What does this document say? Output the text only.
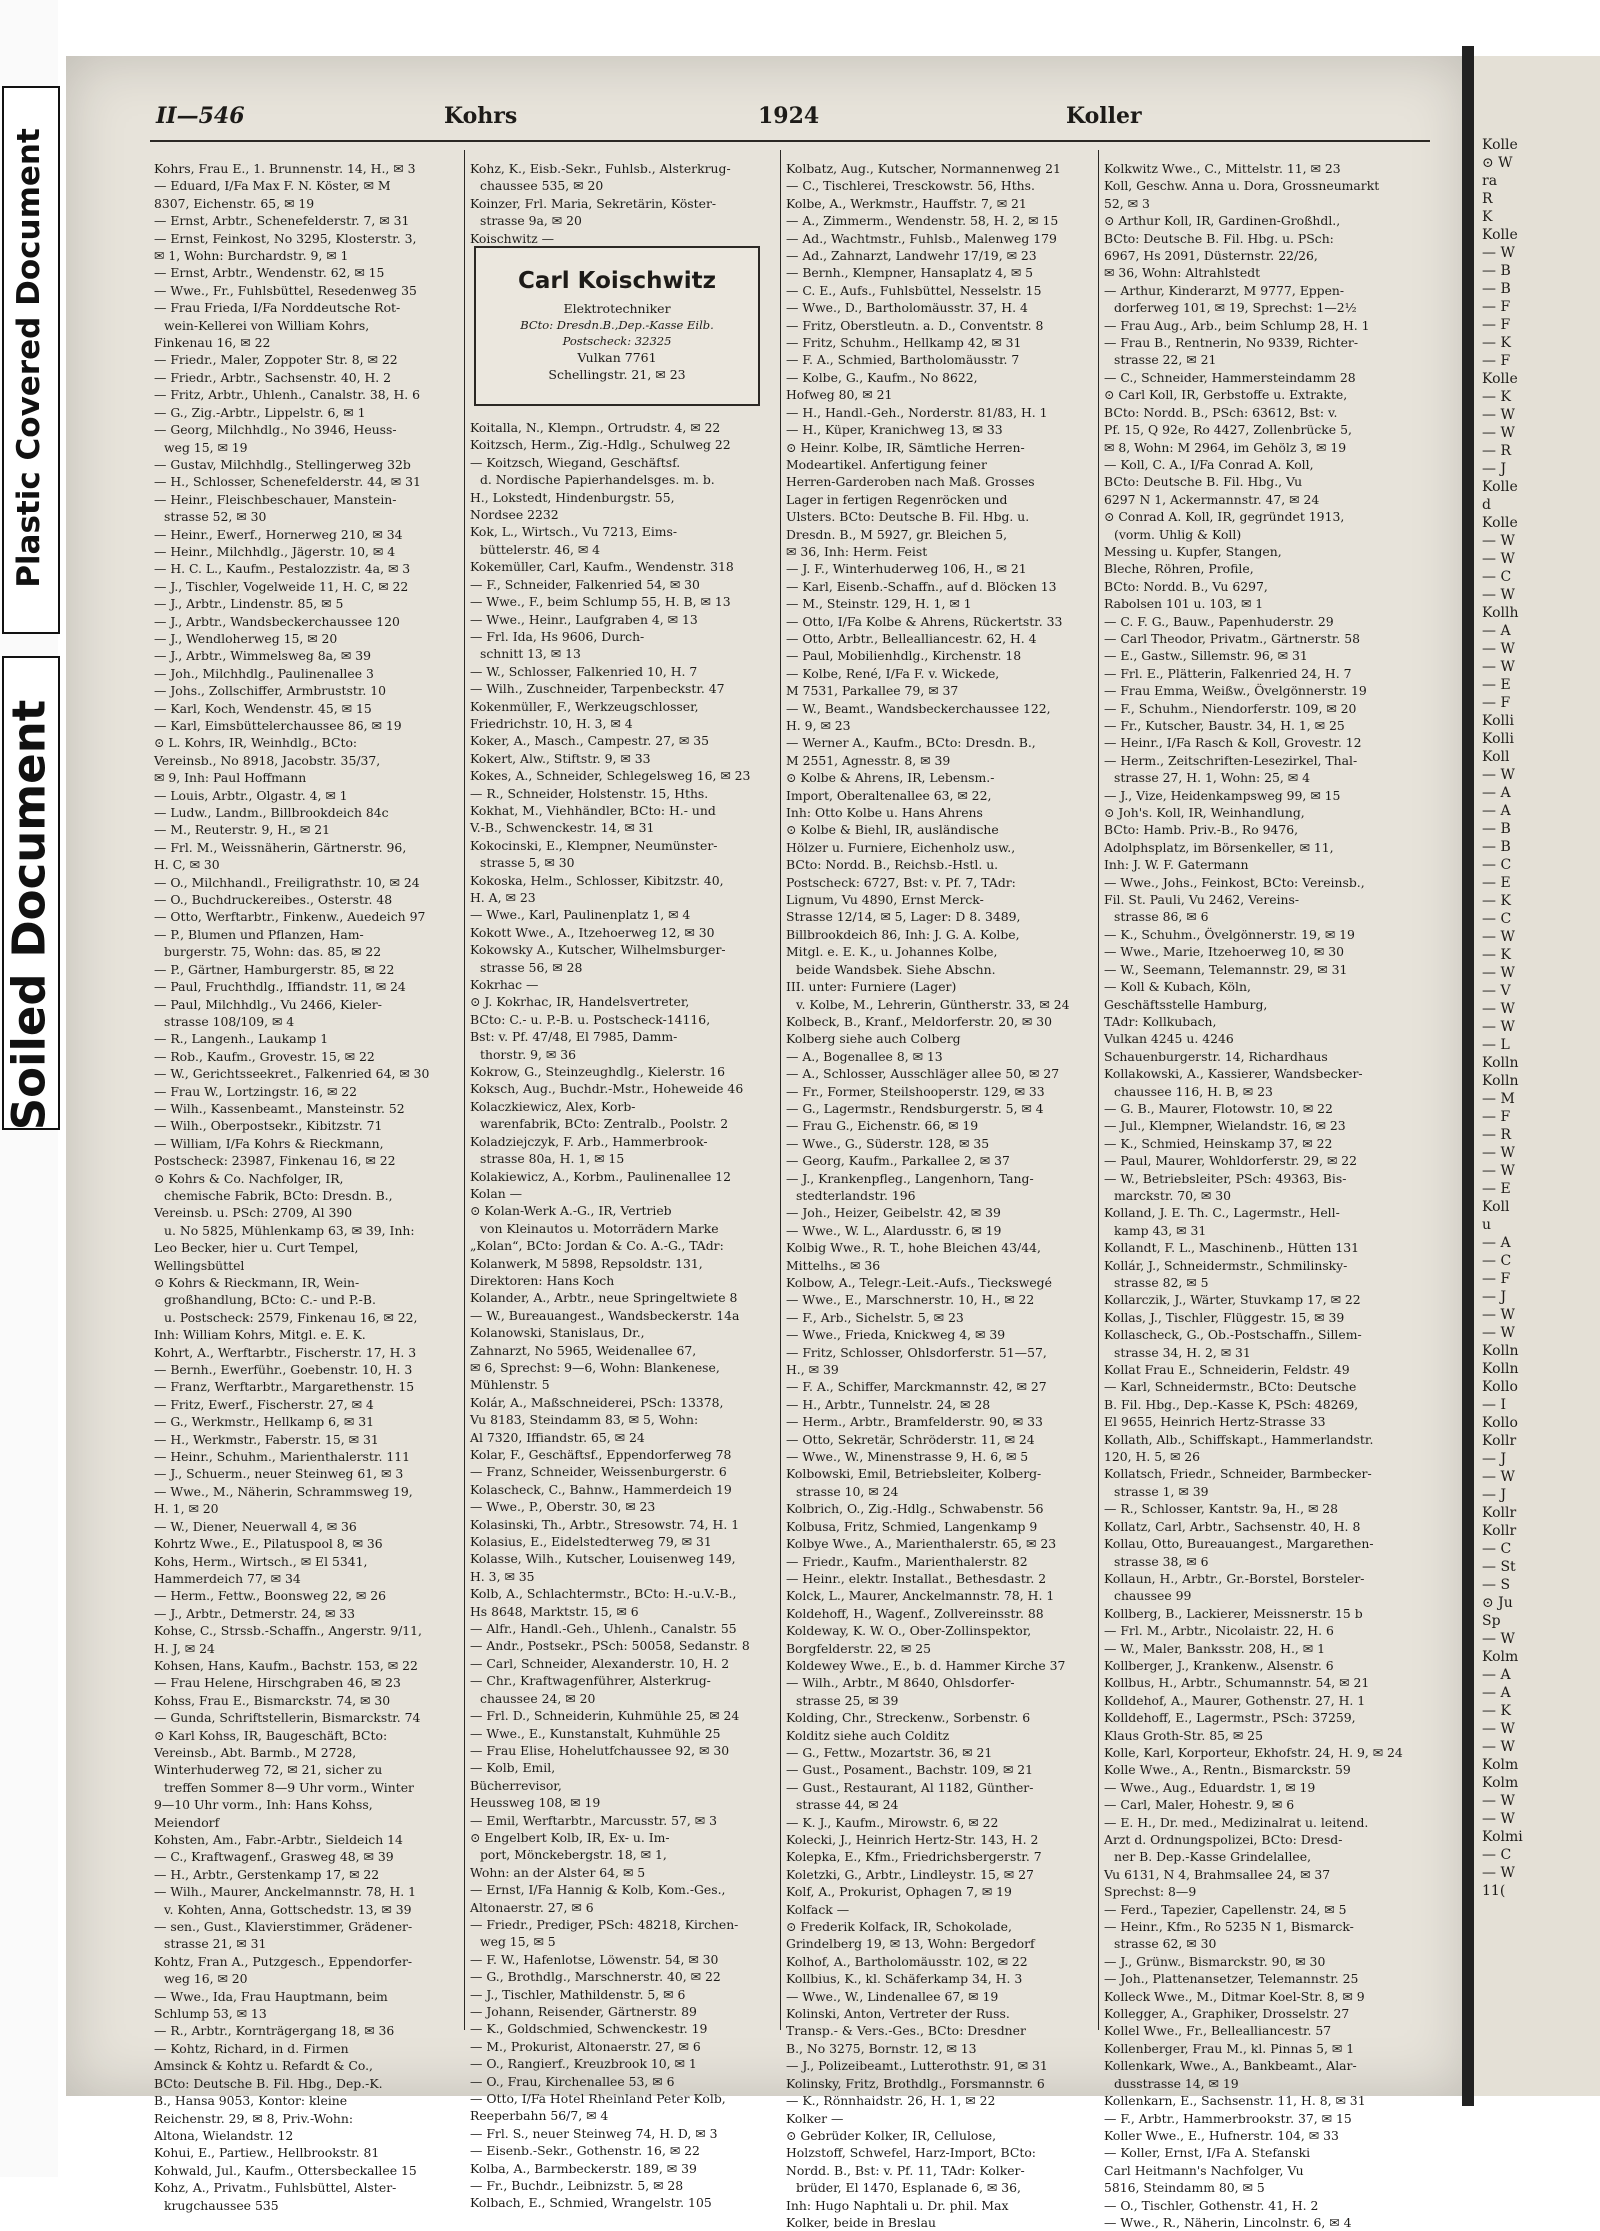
Plastic Covered Document
Soiled Document
Kolle
⊙ W
ra
R
K
Kolle
— W
— B
— B
— F
— F
— K
— F
Kolle
— K
— W
— W
— R
— J
Kolle
d
Kolle
— W
— W
— C
— W
Kollh
— A
— W
— W
— E
— F
Kolli
Kolli
Koll
— W
— A
— A
— B
— B
— C
— E
— K
— C
— W
— K
— W
— V
— W
— W
— L
Kolln
Kolln
— M
— F
— R
— W
— W
— E
Koll
u
— A
— C
— F
— J
— W
— W
Kolln
Kolln
Kollo
— I
Kollo
Kollr
— J
— W
— J
Kollr
Kollr
— C
— St
— S
⊙ Ju
Sp
— W
Kolm
— A
— A
— K
— W
— W
Kolm
Kolm
— W
— W
Kolmi
— C
— W
11(
II—546	Kohrs	1924	Koller
Kohrs, Frau E., 1. Brunnenstr. 14, H., ✉ 3
— Eduard, I/Fa Max F. N. Köster, ✉ M
8307, Eichenstr. 65, ✉ 19
— Ernst, Arbtr., Schenefelderstr. 7, ✉ 31
— Ernst, Feinkost, No 3295, Klosterstr. 3,
✉ 1, Wohn: Burchardstr. 9, ✉ 1
— Ernst, Arbtr., Wendenstr. 62, ✉ 15
— Wwe., Fr., Fuhlsbüttel, Resedenweg 35
— Frau Frieda, I/Fa Norddeutsche Rot-
wein-Kellerei von William Kohrs,
Finkenau 16, ✉ 22
— Friedr., Maler, Zoppoter Str. 8, ✉ 22
— Friedr., Arbtr., Sachsenstr. 40, H. 2
— Fritz, Arbtr., Uhlenh., Canalstr. 38, H. 6
— G., Zig.-Arbtr., Lippelstr. 6, ✉ 1
— Georg, Milchhdlg., No 3946, Heuss-
weg 15, ✉ 19
— Gustav, Milchhdlg., Stellingerweg 32b
— H., Schlosser, Schenefelderstr. 44, ✉ 31
— Heinr., Fleischbeschauer, Manstein-
strasse 52, ✉ 30
— Heinr., Ewerf., Hornerweg 210, ✉ 34
— Heinr., Milchhdlg., Jägerstr. 10, ✉ 4
— H. C. L., Kaufm., Pestalozzistr. 4a, ✉ 3
— J., Tischler, Vogelweide 11, H. C, ✉ 22
— J., Arbtr., Lindenstr. 85, ✉ 5
— J., Arbtr., Wandsbeckerchaussee 120
— J., Wendloherweg 15, ✉ 20
— J., Arbtr., Wimmelsweg 8a, ✉ 39
— Joh., Milchhdlg., Paulinenallee 3
— Johs., Zollschiffer, Armbruststr. 10
— Karl, Koch, Wendenstr. 45, ✉ 15
— Karl, Eimsbüttelerchaussee 86, ✉ 19
⊙ L. Kohrs, IR, Weinhdlg., BCto:
Vereinsb., No 8918, Jacobstr. 35/37,
✉ 9, Inh: Paul Hoffmann
— Louis, Arbtr., Olgastr. 4, ✉ 1
— Ludw., Landm., Billbrookdeich 84c
— M., Reuterstr. 9, H., ✉ 21
— Frl. M., Weissnäherin, Gärtnerstr. 96,
H. C, ✉ 30
— O., Milchhandl., Freiligrathstr. 10, ✉ 24
— O., Buchdruckereibes., Osterstr. 48
— Otto, Werftarbtr., Finkenw., Auedeich 97
— P., Blumen und Pflanzen, Ham-
burgerstr. 75, Wohn: das. 85, ✉ 22
— P., Gärtner, Hamburgerstr. 85, ✉ 22
— Paul, Fruchthdlg., Iffiandstr. 11, ✉ 24
— Paul, Milchhdlg., Vu 2466, Kieler-
strasse 108/109, ✉ 4
— R., Langenh., Laukamp 1
— Rob., Kaufm., Grovestr. 15, ✉ 22
— W., Gerichtsseekret., Falkenried 64, ✉ 30
— Frau W., Lortzingstr. 16, ✉ 22
— Wilh., Kassenbeamt., Mansteinstr. 52
— Wilh., Oberpostsekr., Kibitzstr. 71
— William, I/Fa Kohrs & Rieckmann,
Postscheck: 23987, Finkenau 16, ✉ 22
⊙ Kohrs & Co. Nachfolger, IR,
chemische Fabrik, BCto: Dresdn. B.,
Vereinsb. u. PSch: 2709, Al 390
u. No 5825, Mühlenkamp 63, ✉ 39, Inh:
Leo Becker, hier u. Curt Tempel,
Wellingsbüttel
⊙ Kohrs & Rieckmann, IR, Wein-
großhandlung, BCto: C.- und P.-B.
u. Postscheck: 2579, Finkenau 16, ✉ 22,
Inh: William Kohrs, Mitgl. e. E. K.
Kohrt, A., Werftarbtr., Fischerstr. 17, H. 3
— Bernh., Ewerführ., Goebenstr. 10, H. 3
— Franz, Werftarbtr., Margarethenstr. 15
— Fritz, Ewerf., Fischerstr. 27, ✉ 4
— G., Werkmstr., Hellkamp 6, ✉ 31
— H., Werkmstr., Faberstr. 15, ✉ 31
— Heinr., Schuhm., Marienthalerstr. 111
— J., Schuerm., neuer Steinweg 61, ✉ 3
— Wwe., M., Näherin, Schrammsweg 19,
H. 1, ✉ 20
— W., Diener, Neuerwall 4, ✉ 36
Kohrtz Wwe., E., Pilatuspool 8, ✉ 36
Kohs, Herm., Wirtsch., ✉ El 5341,
Hammerdeich 77, ✉ 34
— Herm., Fettw., Boonsweg 22, ✉ 26
— J., Arbtr., Detmerstr. 24, ✉ 33
Kohse, C., Strssb.-Schaffn., Angerstr. 9/11,
H. J, ✉ 24
Kohsen, Hans, Kaufm., Bachstr. 153, ✉ 22
— Frau Helene, Hirschgraben 46, ✉ 23
Kohss, Frau E., Bismarckstr. 74, ✉ 30
— Gunda, Schriftstellerin, Bismarckstr. 74
⊙ Karl Kohss, IR, Baugeschäft, BCto:
Vereinsb., Abt. Barmb., M 2728,
Winterhuderweg 72, ✉ 21, sicher zu
treffen Sommer 8—9 Uhr vorm., Winter
9—10 Uhr vorm., Inh: Hans Kohss,
Meiendorf
Kohsten, Am., Fabr.-Arbtr., Sieldeich 14
— C., Kraftwagenf., Grasweg 48, ✉ 39
— H., Arbtr., Gerstenkamp 17, ✉ 22
— Wilh., Maurer, Anckelmannstr. 78, H. 1
v. Kohten, Anna, Gottschedstr. 13, ✉ 39
— sen., Gust., Klavierstimmer, Grädener-
strasse 21, ✉ 31
Kohtz, Fran A., Putzgesch., Eppendorfer-
weg 16, ✉ 20
— Wwe., Ida, Frau Hauptmann, beim
Schlump 53, ✉ 13
— R., Arbtr., Kornträgergang 18, ✉ 36
— Kohtz, Richard, in d. Firmen
Amsinck & Kohtz u. Refardt & Co.,
BCto: Deutsche B. Fil. Hbg., Dep.-K.
B., Hansa 9053, Kontor: kleine
Reichenstr. 29, ✉ 8, Priv.-Wohn:
Altona, Wielandstr. 12
Kohui, E., Partiew., Hellbrookstr. 81
Kohwald, Jul., Kaufm., Ottersbeckallee 15
Kohz, A., Privatm., Fuhlsbüttel, Alster-
krugchaussee 535
Kohz, K., Eisb.-Sekr., Fuhlsb., Alsterkrug-
chaussee 535, ✉ 20
Koinzer, Frl. Maria, Sekretärin, Köster-
strasse 9a, ✉ 20
Koischwitz —
Koitalla, N., Klempn., Ortrudstr. 4, ✉ 22
Koitzsch, Herm., Zig.-Hdlg., Schulweg 22
— Koitzsch, Wiegand, Geschäftsf.
d. Nordische Papierhandelsges. m. b.
H., Lokstedt, Hindenburgstr. 55,
Nordsee 2232
Kok, L., Wirtsch., Vu 7213, Eims-
büttelerstr. 46, ✉ 4
Kokemüller, Carl, Kaufm., Wendenstr. 318
— F., Schneider, Falkenried 54, ✉ 30
— Wwe., F., beim Schlump 55, H. B, ✉ 13
— Wwe., Heinr., Laufgraben 4, ✉ 13
— Frl. Ida, Hs 9606, Durch-
schnitt 13, ✉ 13
— W., Schlosser, Falkenried 10, H. 7
— Wilh., Zuschneider, Tarpenbeckstr. 47
Kokenmüller, F., Werkzeugschlosser,
Friedrichstr. 10, H. 3, ✉ 4
Koker, A., Masch., Campestr. 27, ✉ 35
Kokert, Alw., Stiftstr. 9, ✉ 33
Kokes, A., Schneider, Schlegelsweg 16, ✉ 23
— R., Schneider, Holstenstr. 15, Hths.
Kokhat, M., Viehhändler, BCto: H.- und
V.-B., Schwenckestr. 14, ✉ 31
Kokocinski, E., Klempner, Neumünster-
strasse 5, ✉ 30
Kokoska, Helm., Schlosser, Kibitzstr. 40,
H. A, ✉ 23
— Wwe., Karl, Paulinenplatz 1, ✉ 4
Kokott Wwe., A., Itzehoerweg 12, ✉ 30
Kokowsky A., Kutscher, Wilhelmsburger-
strasse 56, ✉ 28
Kokrhac —
⊙ J. Kokrhac, IR, Handelsvertreter,
BCto: C.- u. P.-B. u. Postscheck-14116,
Bst: v. Pf. 47/48, El 7985, Damm-
thorstr. 9, ✉ 36
Kokrow, G., Steinzeughdlg., Kielerstr. 16
Koksch, Aug., Buchdr.-Mstr., Hoheweide 46
Kolaczkiewicz, Alex, Korb-
warenfabrik, BCto: Zentralb., Poolstr. 2
Koladziejczyk, F. Arb., Hammerbrook-
strasse 80a, H. 1, ✉ 15
Kolakiewicz, A., Korbm., Paulinenallee 12
Kolan —
⊙ Kolan-Werk A.-G., IR, Vertrieb
von Kleinautos u. Motorrädern Marke
„Kolan“, BCto: Jordan & Co. A.-G., TAdr:
Kolanwerk, M 5898, Repsoldstr. 131,
Direktoren: Hans Koch
Kolander, A., Arbtr., neue Springeltwiete 8
— W., Bureauangest., Wandsbeckerstr. 14a
Kolanowski, Stanislaus, Dr.,
Zahnarzt, No 5965, Weidenallee 67,
✉ 6, Sprechst: 9—6, Wohn: Blankenese,
Mühlenstr. 5
Kolár, A., Maßschneiderei, PSch: 13378,
Vu 8183, Steindamm 83, ✉ 5, Wohn:
Al 7320, Iffiandstr. 65, ✉ 24
Kolar, F., Geschäftsf., Eppendorferweg 78
— Franz, Schneider, Weissenburgerstr. 6
Kolascheck, C., Bahnw., Hammerdeich 19
— Wwe., P., Oberstr. 30, ✉ 23
Kolasinski, Th., Arbtr., Stresowstr. 74, H. 1
Kolasius, E., Eidelstedterweg 79, ✉ 31
Kolasse, Wilh., Kutscher, Louisenweg 149,
H. 3, ✉ 35
Kolb, A., Schlachtermstr., BCto: H.-u.V.-B.,
Hs 8648, Marktstr. 15, ✉ 6
— Alfr., Handl.-Geh., Uhlenh., Canalstr. 55
— Andr., Postsekr., PSch: 50058, Sedanstr. 8
— Carl, Schneider, Alexanderstr. 10, H. 2
— Chr., Kraftwagenführer, Alsterkrug-
chaussee 24, ✉ 20
— Frl. D., Schneiderin, Kuhmühle 25, ✉ 24
— Wwe., E., Kunstanstalt, Kuhmühle 25
— Frau Elise, Hohelutfchaussee 92, ✉ 30
— Kolb, Emil,
Bücherrevisor,
Heussweg 108, ✉ 19
— Emil, Werftarbtr., Marcusstr. 57, ✉ 3
⊙ Engelbert Kolb, IR, Ex- u. Im-
port, Mönckebergstr. 18, ✉ 1,
Wohn: an der Alster 64, ✉ 5
— Ernst, I/Fa Hannig & Kolb, Kom.-Ges.,
Altonaerstr. 27, ✉ 6
— Friedr., Prediger, PSch: 48218, Kirchen-
weg 15, ✉ 5
— F. W., Hafenlotse, Löwenstr. 54, ✉ 30
— G., Brothdlg., Marschnerstr. 40, ✉ 22
— J., Tischler, Mathildenstr. 5, ✉ 6
— Johann, Reisender, Gärtnerstr. 89
— K., Goldschmied, Schwenckestr. 19
— M., Prokurist, Altonaerstr. 27, ✉ 6
— O., Rangierf., Kreuzbrook 10, ✉ 1
— O., Frau, Kirchenallee 53, ✉ 6
— Otto, I/Fa Hotel Rheinland Peter Kolb,
Reeperbahn 56/7, ✉ 4
— Frl. S., neuer Steinweg 74, H. D, ✉ 3
— Eisenb.-Sekr., Gothenstr. 16, ✉ 22
Kolba, A., Barmbeckerstr. 189, ✉ 39
— Fr., Buchdr., Leibnizstr. 5, ✉ 28
Kolbach, E., Schmied, Wrangelstr. 105
Kolbatz, Aug., Kutscher, Normannenweg 21
— C., Tischlerei, Tresckowstr. 56, Hths.
Kolbe, A., Werkmstr., Hauffstr. 7, ✉ 21
— A., Zimmerm., Wendenstr. 58, H. 2, ✉ 15
— Ad., Wachtmstr., Fuhlsb., Malenweg 179
— Ad., Zahnarzt, Landwehr 17/19, ✉ 23
— Bernh., Klempner, Hansaplatz 4, ✉ 5
— C. E., Aufs., Fuhlsbüttel, Nesselstr. 15
— Wwe., D., Bartholomäusstr. 37, H. 4
— Fritz, Oberstleutn. a. D., Conventstr. 8
— Fritz, Schuhm., Hellkamp 42, ✉ 31
— F. A., Schmied, Bartholomäusstr. 7
— Kolbe, G., Kaufm., No 8622,
Hofweg 80, ✉ 21
— H., Handl.-Geh., Norderstr. 81/83, H. 1
— H., Küper, Kranichweg 13, ✉ 33
⊙ Heinr. Kolbe, IR, Sämtliche Herren-
Modeartikel. Anfertigung feiner
Herren-Garderoben nach Maß. Grosses
Lager in fertigen Regenröcken und
Ulsters. BCto: Deutsche B. Fil. Hbg. u.
Dresdn. B., M 5927, gr. Bleichen 5,
✉ 36, Inh: Herm. Feist
— J. F., Winterhuderweg 106, H., ✉ 21
— Karl, Eisenb.-Schaffn., auf d. Blöcken 13
— M., Steinstr. 129, H. 1, ✉ 1
— Otto, I/Fa Kolbe & Ahrens, Rückertstr. 33
— Otto, Arbtr., Bellealliancestr. 62, H. 4
— Paul, Mobilienhdlg., Kirchenstr. 18
— Kolbe, René, I/Fa F. v. Wickede,
M 7531, Parkallee 79, ✉ 37
— W., Beamt., Wandsbeckerchaussee 122,
H. 9, ✉ 23
— Werner A., Kaufm., BCto: Dresdn. B.,
M 2551, Agnesstr. 8, ✉ 39
⊙ Kolbe & Ahrens, IR, Lebensm.-
Import, Oberaltenallee 63, ✉ 22,
Inh: Otto Kolbe u. Hans Ahrens
⊙ Kolbe & Biehl, IR, ausländische
Hölzer u. Furniere, Eichenholz usw.,
BCto: Nordd. B., Reichsb.-Hstl. u.
Postscheck: 6727, Bst: v. Pf. 7, TAdr:
Lignum, Vu 4890, Ernst Merck-
Strasse 12/14, ✉ 5, Lager: D 8. 3489,
Billbrookdeich 86, Inh: J. G. A. Kolbe,
Mitgl. e. E. K., u. Johannes Kolbe,
beide Wandsbek. Siehe Abschn.
III. unter: Furniere (Lager)
v. Kolbe, M., Lehrerin, Güntherstr. 33, ✉ 24
Kolbeck, B., Kranf., Meldorferstr. 20, ✉ 30
Kolberg siehe auch Colberg
— A., Bogenallee 8, ✉ 13
— A., Schlosser, Ausschläger allee 50, ✉ 27
— Fr., Former, Steilshooperstr. 129, ✉ 33
— G., Lagermstr., Rendsburgerstr. 5, ✉ 4
— Frau G., Eichenstr. 66, ✉ 19
— Wwe., G., Süderstr. 128, ✉ 35
— Georg, Kaufm., Parkallee 2, ✉ 37
— J., Krankenpfleg., Langenhorn, Tang-
stedterlandstr. 196
— Joh., Heizer, Geibelstr. 42, ✉ 39
— Wwe., W. L., Alardusstr. 6, ✉ 19
Kolbig Wwe., R. T., hohe Bleichen 43/44,
Mittelhs., ✉ 36
Kolbow, A., Telegr.-Leit.-Aufs., Tieckswegé
— Wwe., E., Marschnerstr. 10, H., ✉ 22
— F., Arb., Sichelstr. 5, ✉ 23
— Wwe., Frieda, Knickweg 4, ✉ 39
— Fritz, Schlosser, Ohlsdorferstr. 51—57,
H., ✉ 39
— F. A., Schiffer, Marckmannstr. 42, ✉ 27
— H., Arbtr., Tunnelstr. 24, ✉ 28
— Herm., Arbtr., Bramfelderstr. 90, ✉ 33
— Otto, Sekretär, Schröderstr. 11, ✉ 24
— Wwe., W., Minenstrasse 9, H. 6, ✉ 5
Kolbowski, Emil, Betriebsleiter, Kolberg-
strasse 10, ✉ 24
Kolbrich, O., Zig.-Hdlg., Schwabenstr. 56
Kolbusa, Fritz, Schmied, Langenkamp 9
Kolbye Wwe., A., Marienthalerstr. 65, ✉ 23
— Friedr., Kaufm., Marienthalerstr. 82
— Heinr., elektr. Installat., Bethesdastr. 2
Kolck, L., Maurer, Anckelmannstr. 78, H. 1
Koldehoff, H., Wagenf., Zollvereinsstr. 88
Koldeway, K. W. O., Ober-Zollinspektor,
Borgfelderstr. 22, ✉ 25
Koldewey Wwe., E., b. d. Hammer Kirche 37
— Wilh., Arbtr., M 8640, Ohlsdorfer-
strasse 25, ✉ 39
Kolding, Chr., Streckenw., Sorbenstr. 6
Kolditz siehe auch Colditz
— G., Fettw., Mozartstr. 36, ✉ 21
— Gust., Posament., Bachstr. 109, ✉ 21
— Gust., Restaurant, Al 1182, Günther-
strasse 44, ✉ 24
— K. J., Kaufm., Mirowstr. 6, ✉ 22
Kolecki, J., Heinrich Hertz-Str. 143, H. 2
Kolepka, E., Kfm., Friedrichsbergerstr. 7
Koletzki, G., Arbtr., Lindleystr. 15, ✉ 27
Kolf, A., Prokurist, Ophagen 7, ✉ 19
Kolfack —
⊙ Frederik Kolfack, IR, Schokolade,
Grindelberg 19, ✉ 13, Wohn: Bergedorf
Kolhof, A., Bartholomäusstr. 102, ✉ 22
Kollbius, K., kl. Schäferkamp 34, H. 3
— Wwe., W., Lindenallee 67, ✉ 19
Kolinski, Anton, Vertreter der Russ.
Transp.- & Vers.-Ges., BCto: Dresdner
B., No 3275, Bornstr. 12, ✉ 13
— J., Polizeibeamt., Lutterothstr. 91, ✉ 31
Kolinsky, Fritz, Brothdlg., Forsmannstr. 6
— K., Rönnhaidstr. 26, H. 1, ✉ 22
Kolker —
⊙ Gebrüder Kolker, IR, Cellulose,
Holzstoff, Schwefel, Harz-Import, BCto:
Nordd. B., Bst: v. Pf. 11, TAdr: Kolker-
brüder, El 1470, Esplanade 6, ✉ 36,
Inh: Hugo Naphtali u. Dr. phil. Max
Kolker, beide in Breslau
Kolkwitz Wwe., C., Mittelstr. 11, ✉ 23
Koll, Geschw. Anna u. Dora, Grossneumarkt
52, ✉ 3
⊙ Arthur Koll, IR, Gardinen-Großhdl.,
BCto: Deutsche B. Fil. Hbg. u. PSch:
6967, Hs 2091, Düsternstr. 22/26,
✉ 36, Wohn: Altrahlstedt
— Arthur, Kinderarzt, M 9777, Eppen-
dorferweg 101, ✉ 19, Sprechst: 1—2½
— Frau Aug., Arb., beim Schlump 28, H. 1
— Frau B., Rentnerin, No 9339, Richter-
strasse 22, ✉ 21
— C., Schneider, Hammersteindamm 28
⊙ Carl Koll, IR, Gerbstoffe u. Extrakte,
BCto: Nordd. B., PSch: 63612, Bst: v.
Pf. 15, Q 92e, Ro 4427, Zollenbrücke 5,
✉ 8, Wohn: M 2964, im Gehölz 3, ✉ 19
— Koll, C. A., I/Fa Conrad A. Koll,
BCto: Deutsche B. Fil. Hbg., Vu
6297 N 1, Ackermannstr. 47, ✉ 24
⊙ Conrad A. Koll, IR, gegründet 1913,
(vorm. Uhlig & Koll)
Messing u. Kupfer, Stangen,
Bleche, Röhren, Profile,
BCto: Nordd. B., Vu 6297,
Rabolsen 101 u. 103, ✉ 1
— C. F. G., Bauw., Papenhuderstr. 29
— Carl Theodor, Privatm., Gärtnerstr. 58
— E., Gastw., Sillemstr. 96, ✉ 31
— Frl. E., Plätterin, Falkenried 24, H. 7
— Frau Emma, Weißw., Övelgönnerstr. 19
— F., Schuhm., Niendorferstr. 109, ✉ 20
— Fr., Kutscher, Baustr. 34, H. 1, ✉ 25
— Heinr., I/Fa Rasch & Koll, Grovestr. 12
— Herm., Zeitschriften-Lesezirkel, Thal-
strasse 27, H. 1, Wohn: 25, ✉ 4
— J., Vize, Heidenkampsweg 99, ✉ 15
⊙ Joh's. Koll, IR, Weinhandlung,
BCto: Hamb. Priv.-B., Ro 9476,
Adolphsplatz, im Börsenkeller, ✉ 11,
Inh: J. W. F. Gatermann
— Wwe., Johs., Feinkost, BCto: Vereinsb.,
Fil. St. Pauli, Vu 2462, Vereins-
strasse 86, ✉ 6
— K., Schuhm., Övelgönnerstr. 19, ✉ 19
— Wwe., Marie, Itzehoerweg 10, ✉ 30
— W., Seemann, Telemannstr. 29, ✉ 31
— Koll & Kubach, Köln,
Geschäftsstelle Hamburg,
TAdr: Kollkubach,
Vulkan 4245 u. 4246
Schauenburgerstr. 14, Richardhaus
Kollakowski, A., Kassierer, Wandsbecker-
chaussee 116, H. B, ✉ 23
— G. B., Maurer, Flotowstr. 10, ✉ 22
— Jul., Klempner, Wielandstr. 16, ✉ 23
— K., Schmied, Heinskamp 37, ✉ 22
— Paul, Maurer, Wohldorferstr. 29, ✉ 22
— W., Betriebsleiter, PSch: 49363, Bis-
marckstr. 70, ✉ 30
Kolland, J. E. Th. C., Lagermstr., Hell-
kamp 43, ✉ 31
Kollandt, F. L., Maschinenb., Hütten 131
Kollár, J., Schneidermstr., Schmilinsky-
strasse 82, ✉ 5
Kollarczik, J., Wärter, Stuvkamp 17, ✉ 22
Kollas, J., Tischler, Flüggestr. 15, ✉ 39
Kollascheck, G., Ob.-Postschaffn., Sillem-
strasse 34, H. 2, ✉ 31
Kollat Frau E., Schneiderin, Feldstr. 49
— Karl, Schneidermstr., BCto: Deutsche
B. Fil. Hbg., Dep.-Kasse K, PSch: 48269,
El 9655, Heinrich Hertz-Strasse 33
Kollath, Alb., Schiffskapt., Hammerlandstr.
120, H. 5, ✉ 26
Kollatsch, Friedr., Schneider, Barmbecker-
strasse 1, ✉ 39
— R., Schlosser, Kantstr. 9a, H., ✉ 28
Kollatz, Carl, Arbtr., Sachsenstr. 40, H. 8
Kollau, Otto, Bureauangest., Margarethen-
strasse 38, ✉ 6
Kollaun, H., Arbtr., Gr.-Borstel, Borsteler-
chaussee 99
Kollberg, B., Lackierer, Meissnerstr. 15 b
— Frl. M., Arbtr., Nicolaistr. 22, H. 6
— W., Maler, Banksstr. 208, H., ✉ 1
Kollberger, J., Krankenw., Alsenstr. 6
Kollbus, H., Arbtr., Schumannstr. 54, ✉ 21
Kolldehof, A., Maurer, Gothenstr. 27, H. 1
Kolldehoff, E., Lagermstr., PSch: 37259,
Klaus Groth-Str. 85, ✉ 25
Kolle, Karl, Korporteur, Ekhofstr. 24, H. 9, ✉ 24
Kolle Wwe., A., Rentn., Bismarckstr. 59
— Wwe., Aug., Eduardstr. 1, ✉ 19
— Carl, Maler, Hohestr. 9, ✉ 6
— E. H., Dr. med., Medizinalrat u. leitend.
Arzt d. Ordnungspolizei, BCto: Dresd-
ner B. Dep.-Kasse Grindelallee,
Vu 6131, N 4, Brahmsallee 24, ✉ 37
Sprechst: 8—9
— Ferd., Tapezier, Capellenstr. 24, ✉ 5
— Heinr., Kfm., Ro 5235 N 1, Bismarck-
strasse 62, ✉ 30
— J., Grünw., Bismarckstr. 90, ✉ 30
— Joh., Plattenansetzer, Telemannstr. 25
Kolleck Wwe., M., Ditmar Koel-Str. 8, ✉ 9
Kollegger, A., Graphiker, Drosselstr. 27
Kollel Wwe., Fr., Bellealliancestr. 57
Kollenberger, Frau M., kl. Pinnas 5, ✉ 1
Kollenkark, Wwe., A., Bankbeamt., Alar-
dusstrasse 14, ✉ 19
Kollenkarn, E., Sachsenstr. 11, H. 8, ✉ 31
— F., Arbtr., Hammerbrookstr. 37, ✉ 15
Koller Wwe., E., Hufnerstr. 104, ✉ 33
— Koller, Ernst, I/Fa A. Stefanski
Carl Heitmann's Nachfolger, Vu
5816, Steindamm 80, ✉ 5
— O., Tischler, Gothenstr. 41, H. 2
— Wwe., R., Näherin, Lincolnstr. 6, ✉ 4
Carl Koischwitz
Elektrotechniker
BCto: Dresdn.B.,Dep.-Kasse Eilb.
Postscheck: 32325
Vulkan 7761
Schellingstr. 21, ✉ 23
